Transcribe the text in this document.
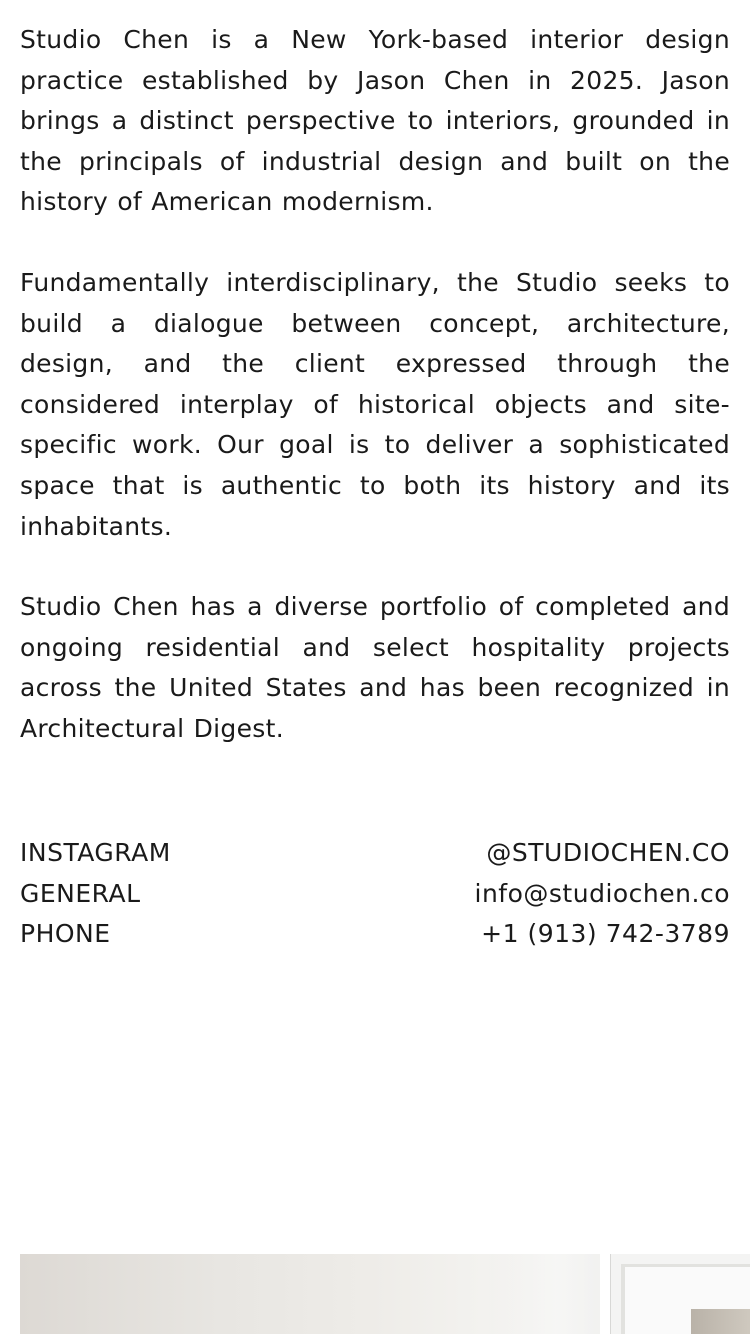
Studio Chen is a New York-based interior design practice established by Jason Chen in 2025. Jason brings a distinct perspective to interiors, grounded in the principals of industrial design and built on the history of American modernism.

Fundamentally interdisciplinary, the Studio seeks to build a dialogue between concept, architecture, design, and the client expressed through the considered interplay of historical objects and site-specific work. Our goal is to deliver a sophisticated space that is authentic to both its history and its inhabitants.

Studio Chen has a diverse portfolio of completed and ongoing residential and select hospitality projects across the United States and has been recognized in Architectural Digest.

INSTAGRAM	@STUDIOCHEN.CO
GENERAL	info@studiochen.co
PHONE	+1 (913) 742-3789
